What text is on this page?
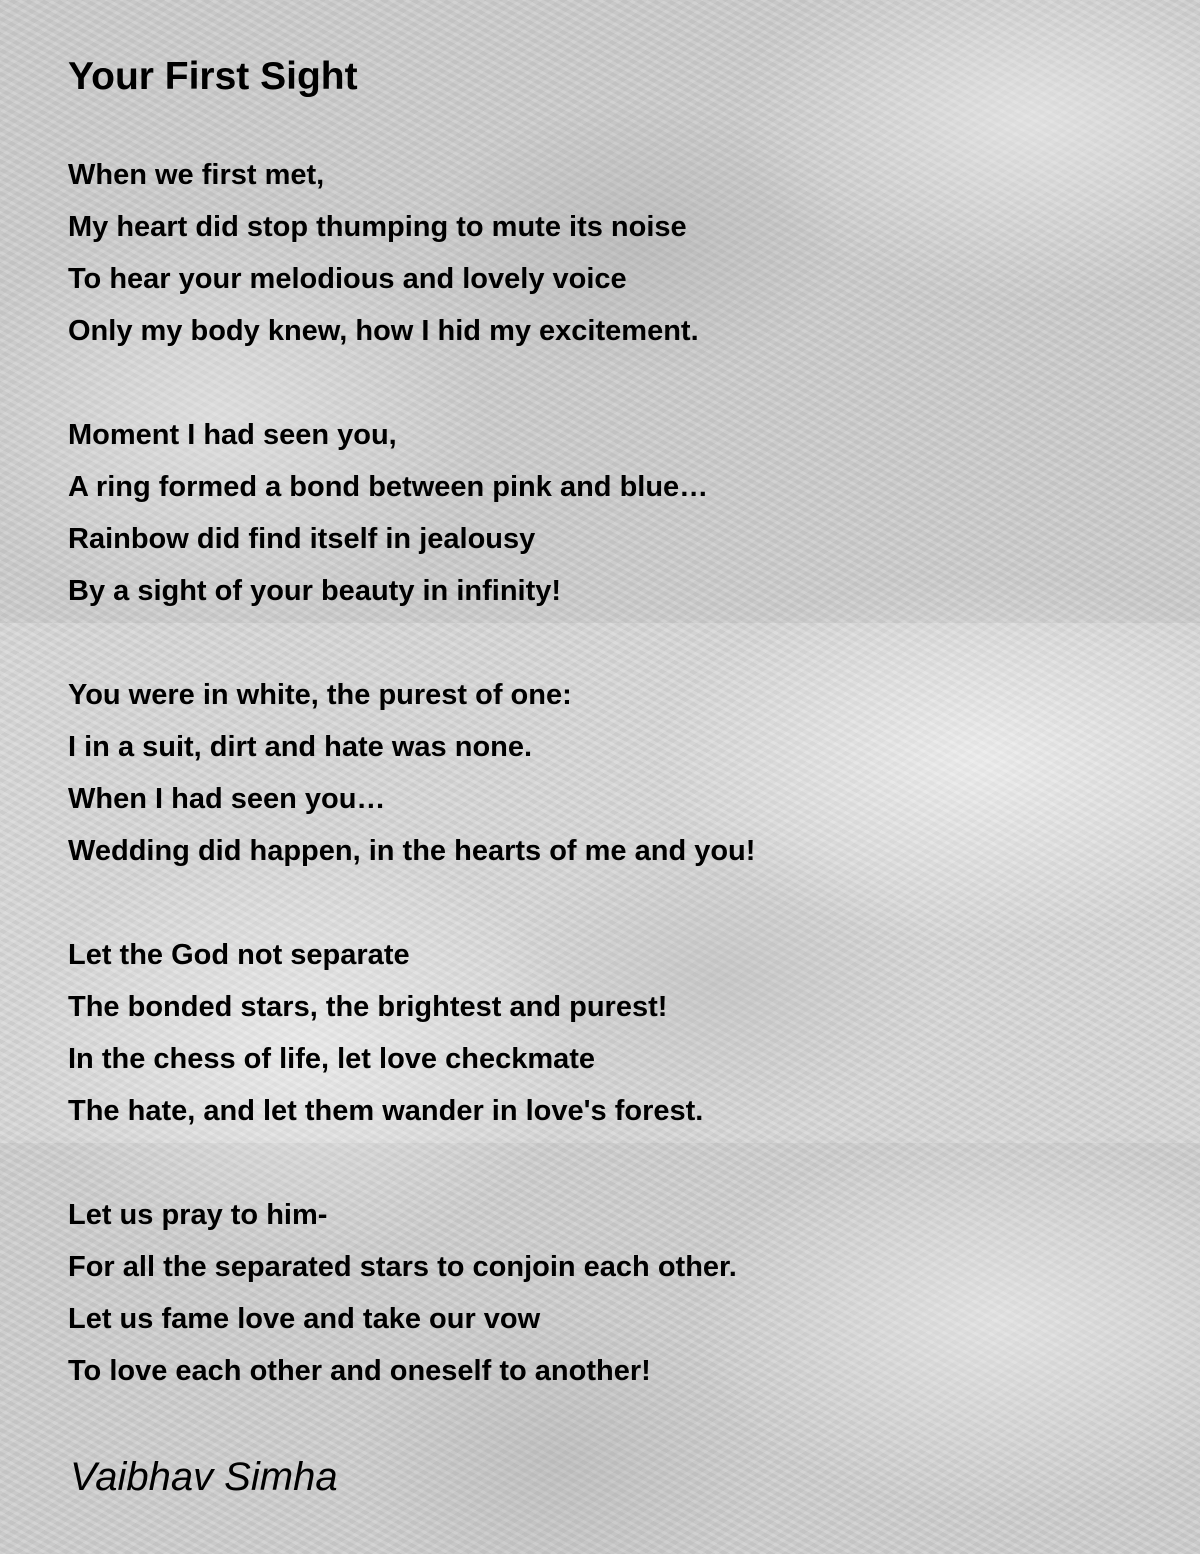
Your First Sight
When we first met,
My heart did stop thumping to mute its noise
To hear your melodious and lovely voice
Only my body knew, how I hid my excitement.
Moment I had seen you,
A ring formed a bond between pink and blue…
Rainbow did find itself in jealousy
By a sight of your beauty in infinity!
You were in white, the purest of one:
I in a suit, dirt and hate was none.
When I had seen you…
Wedding did happen, in the hearts of me and you!
Let the God not separate
The bonded stars, the brightest and purest!
In the chess of life, let love checkmate
The hate, and let them wander in love's forest.
Let us pray to him-
For all the separated stars to conjoin each other.
Let us fame love and take our vow
To love each other and oneself to another!
Vaibhav Simha
